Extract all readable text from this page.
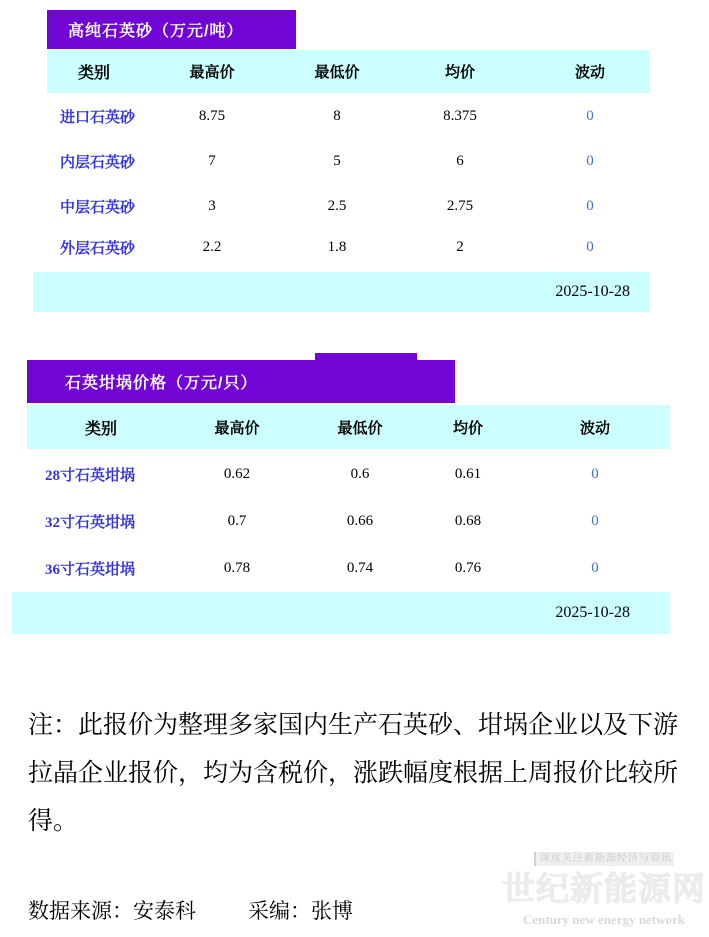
高纯石英砂（万元/吨）
类别	最高价	最低价	均价	波动
进口石英砂	8.75	8	8.375	0
内层石英砂	7	5	6	0
中层石英砂	3	2.5	2.75	0
外层石英砂	2.2	1.8	2	0
2025-10-28
石英坩埚价格（万元/只）
类别	最高价	最低价	均价	波动
28寸石英坩埚	0.62	0.6	0.61	0
32寸石英坩埚	0.7	0.66	0.68	0
36寸石英坩埚	0.78	0.74	0.76	0
2025-10-28
注：此报价为整理多家国内生产石英砂、坩埚企业以及下游拉晶企业报价，均为含税价，涨跌幅度根据上周报价比较所得。
数据来源：安泰科 采编：张博
深度关注新能源经济与资讯
世纪新能源网
Century new energy network
